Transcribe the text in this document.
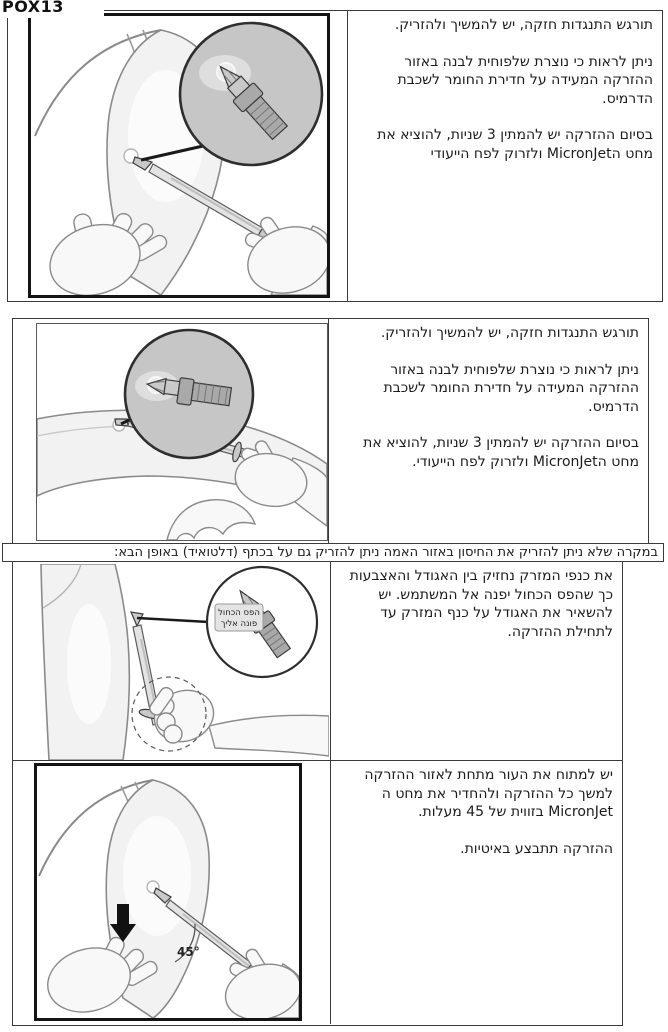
POX13

תורגש התנגדות חזקה, יש להמשיך ולהזריק.

ניתן לראות כי נוצרת שלפוחית לבנה באזור ההזרקה המעידה על חדירת החומר לשכבת הדרמיס.

בסיום ההזרקה יש להמתין 3 שניות, להוציא את מחט הMicronJet ולזרוק לפח הייעודי

תורגש התנגדות חזקה, יש להמשיך ולהזריק.

ניתן לראות כי נוצרת שלפוחית לבנה באזור ההזרקה המעידה על חדירת החומר לשכבת הדרמיס.

בסיום ההזרקה יש להמתין 3 שניות, להוציא את מחט הMicronJet ולזרוק לפח הייעודי.

במקרה שלא ניתן להזריק את החיסון באזור האמה ניתן להזריק גם על בכתף (דלטואיד) באופן הבא:
הפס הכחול
פונה אליך

את כנפי המזרק נחזיק בין האגודל והאצבעות כך שהפס הכחול יפנה אל המשתמש. יש להשאיר את האגודל על כנף המזרק עד לתחילת ההזרקה.

45°

יש למתוח את העור מתחת לאזור ההזרקה למשך כל ההזרקה ולהחדיר את מחט ה MicronJet בזווית של 45 מעלות.

ההזרקה תתבצע באיטיות.
